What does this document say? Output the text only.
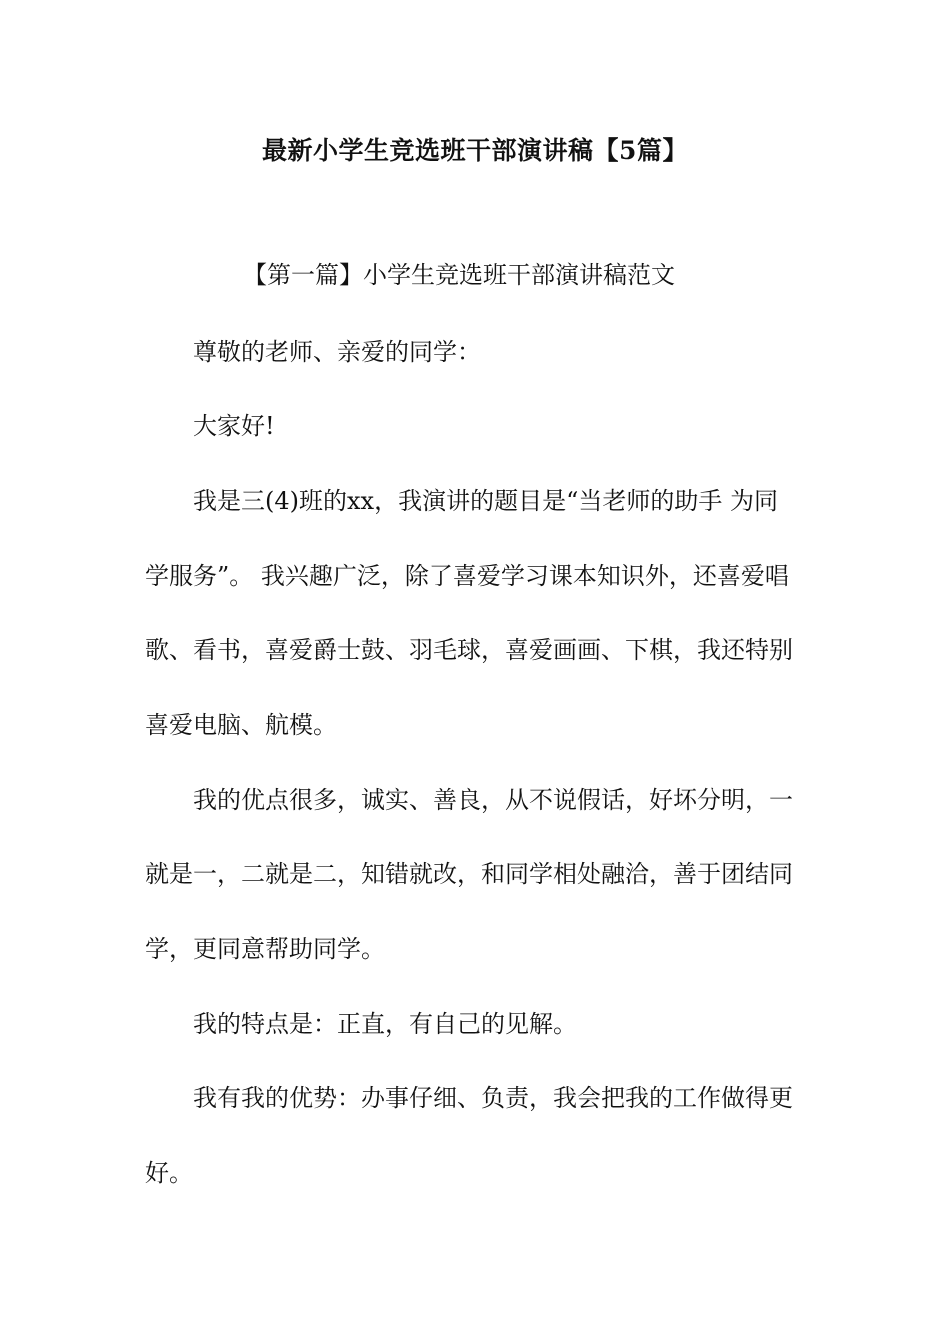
最新小学生竞选班干部演讲稿【5篇】

【第一篇】小学生竞选班干部演讲稿范文

尊敬的老师、亲爱的同学：

大家好!

我是三(4)班的xx，我演讲的题目是“当老师的助手 为同

学服务”。 我兴趣广泛，除了喜爱学习课本知识外，还喜爱唱

歌、看书，喜爱爵士鼓、羽毛球，喜爱画画、下棋，我还特别

喜爱电脑、航模。

我的优点很多，诚实、善良，从不说假话，好坏分明，一

就是一，二就是二，知错就改，和同学相处融洽，善于团结同

学，更同意帮助同学。

我的特点是：正直，有自己的见解。

我有我的优势：办事仔细、负责，我会把我的工作做得更

好。
